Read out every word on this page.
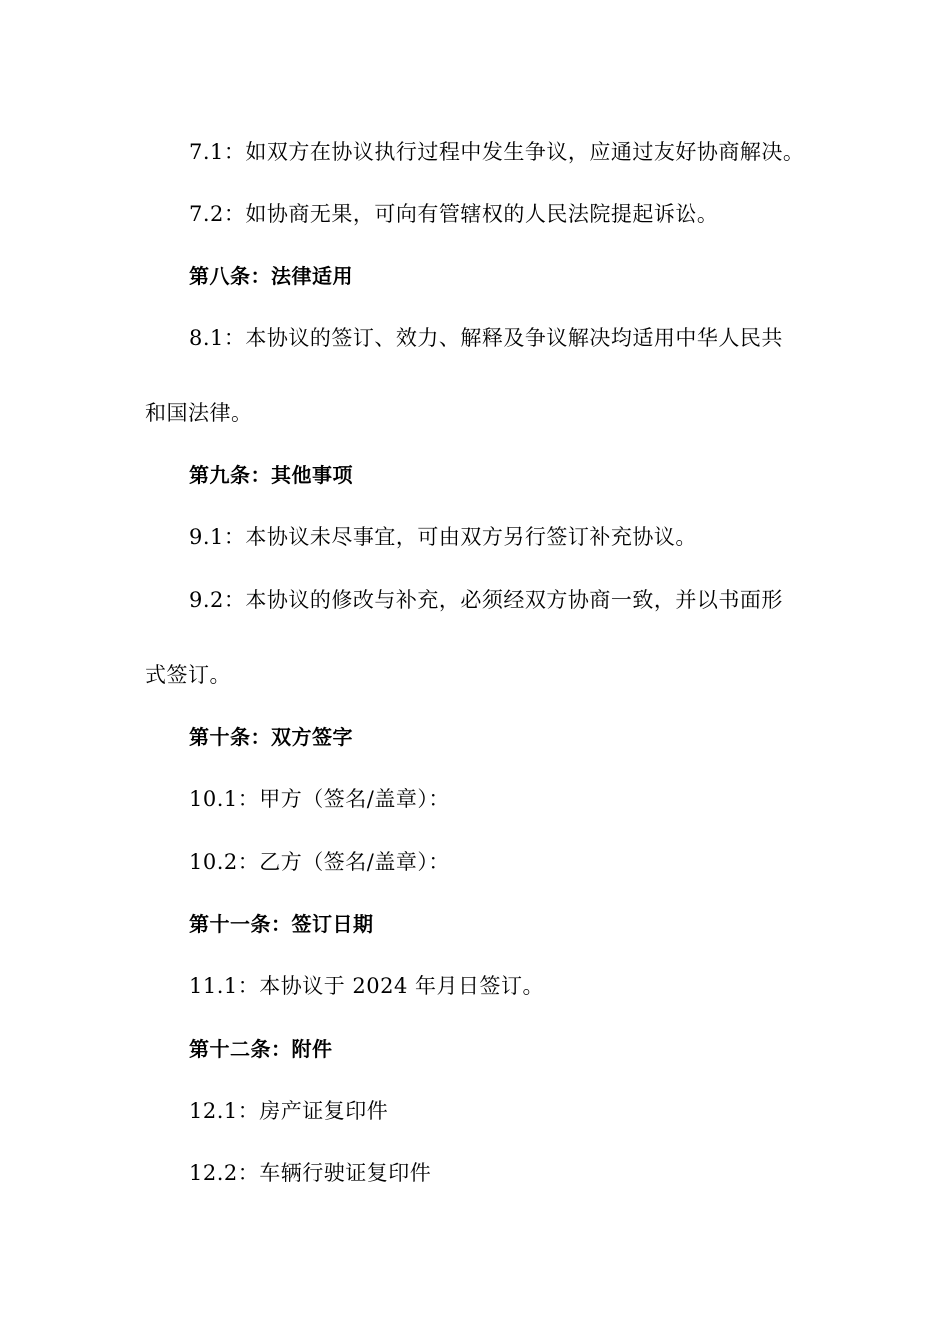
7.1：如双方在协议执行过程中发生争议，应通过友好协商解决。
7.2：如协商无果，可向有管辖权的人民法院提起诉讼。
第八条：法律适用
8.1：本协议的签订、效力、解释及争议解决均适用中华人民共
和国法律。
第九条：其他事项
9.1：本协议未尽事宜，可由双方另行签订补充协议。
9.2：本协议的修改与补充，必须经双方协商一致，并以书面形
式签订。
第十条：双方签字
10.1：甲方（签名/盖章）：
10.2：乙方（签名/盖章）：
第十一条：签订日期
11.1：本协议于 2024 年月日签订。
第十二条：附件
12.1：房产证复印件
12.2：车辆行驶证复印件
